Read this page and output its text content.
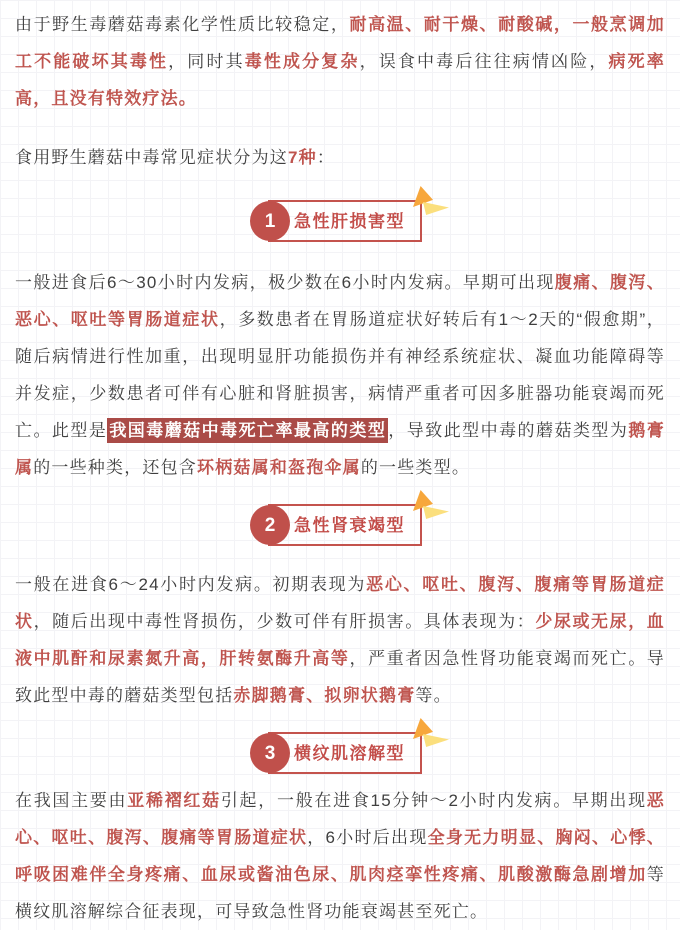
由于野生毒蘑菇毒素化学性质比较稳定，耐高温、耐干燥、耐酸碱，一般烹调加工不能破坏其毒性，同时其毒性成分复杂，误食中毒后往往病情凶险，病死率高，且没有特效疗法。

食用野生蘑菇中毒常见症状分为这7种：

1	急性肝损害型

一般进食后6～30小时内发病，极少数在6小时内发病。早期可出现腹痛、腹泻、恶心、呕吐等胃肠道症状，多数患者在胃肠道症状好转后有1～2天的“假愈期”，随后病情进行性加重，出现明显肝功能损伤并有神经系统症状、凝血功能障碍等并发症，少数患者可伴有心脏和肾脏损害，病情严重者可因多脏器功能衰竭而死亡。此型是 我国毒蘑菇中毒死亡率最高的类型 ，导致此型中毒的蘑菇类型为鹅膏属的一些种类，还包含环柄菇属和盔孢伞属的一些类型。

2	急性肾衰竭型

一般在进食6～24小时内发病。初期表现为恶心、呕吐、腹泻、腹痛等胃肠道症状，随后出现中毒性肾损伤，少数可伴有肝损害。具体表现为：少尿或无尿，血液中肌酐和尿素氮升高，肝转氨酶升高等，严重者因急性肾功能衰竭而死亡。导致此型中毒的蘑菇类型包括赤脚鹅膏、拟卵状鹅膏等。

3	横纹肌溶解型

在我国主要由亚稀褶红菇引起，一般在进食15分钟～2小时内发病。早期出现恶心、呕吐、腹泻、腹痛等胃肠道症状，6小时后出现全身无力明显、胸闷、心悸、呼吸困难伴全身疼痛、血尿或酱油色尿、肌肉痉挛性疼痛、肌酸激酶急剧增加等横纹肌溶解综合征表现，可导致急性肾功能衰竭甚至死亡。
